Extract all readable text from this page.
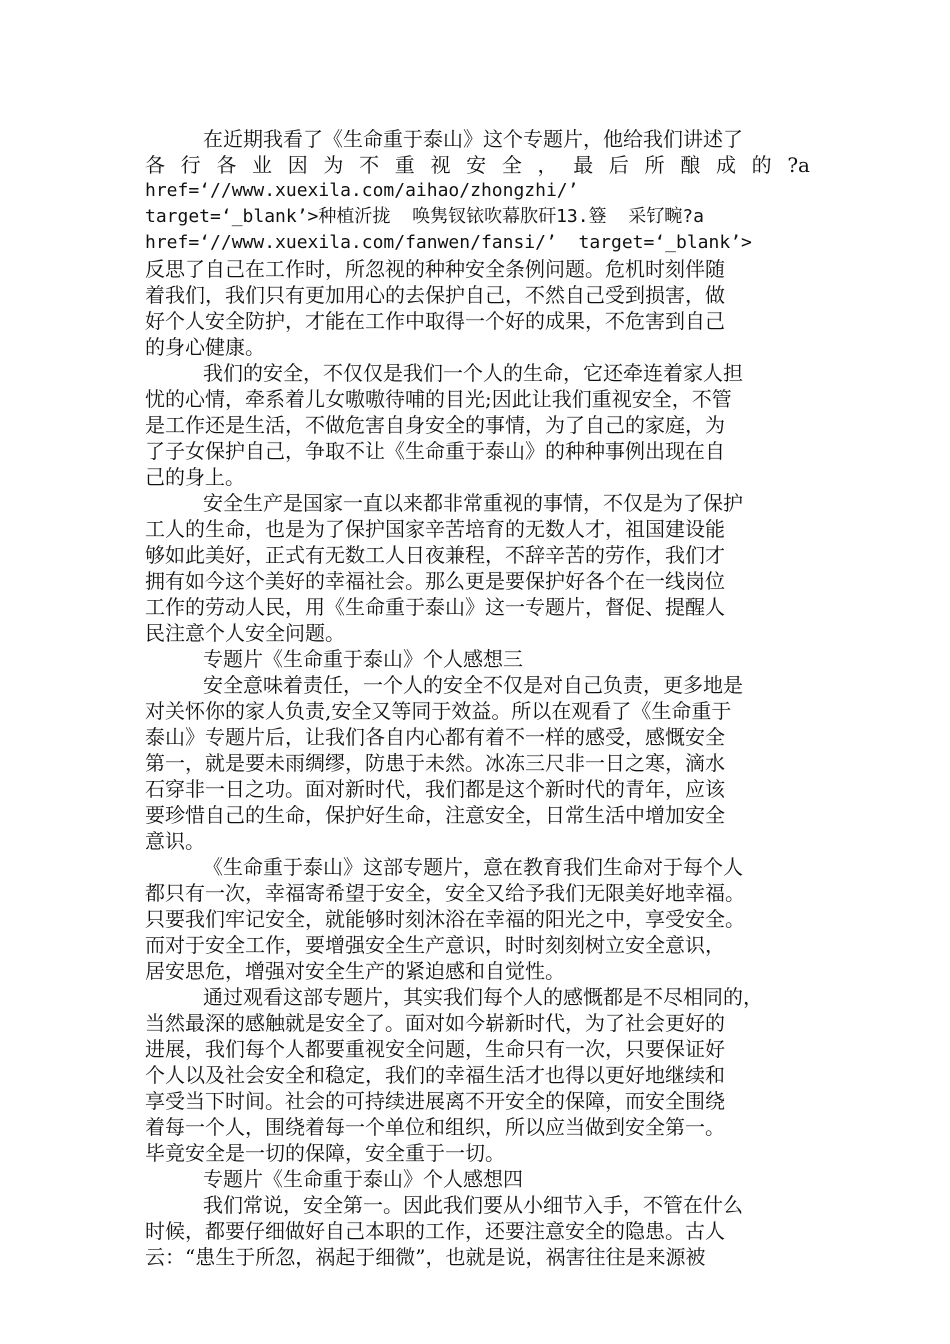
在近期我看了《生命重于泰山》这个专题片，他给我们讲述了
各 行 各 业 因 为 不 重 视 安 全 ， 最 后 所 酿 成 的 ?a
href=‘//www.xuexila.com/aihao/zhongzhi/’
target=‘_blank’>种植沂拢  唤隽钗铱吹幕肷矸13.簦  采钌畹?a
href=‘//www.xuexila.com/fanwen/fansi/’  target=‘_blank’>
反思了自己在工作时，所忽视的种种安全条例问题。危机时刻伴随
着我们，我们只有更加用心的去保护自己，不然自己受到损害，做
好个人安全防护，才能在工作中取得一个好的成果，不危害到自己
的身心健康。
我们的安全，不仅仅是我们一个人的生命，它还牵连着家人担
忧的心情，牵系着儿女嗷嗷待哺的目光;因此让我们重视安全，不管
是工作还是生活，不做危害自身安全的事情，为了自己的家庭，为
了子女保护自己，争取不让《生命重于泰山》的种种事例出现在自
己的身上。
安全生产是国家一直以来都非常重视的事情，不仅是为了保护
工人的生命，也是为了保护国家辛苦培育的无数人才，祖国建设能
够如此美好，正式有无数工人日夜兼程，不辞辛苦的劳作，我们才
拥有如今这个美好的幸福社会。那么更是要保护好各个在一线岗位
工作的劳动人民，用《生命重于泰山》这一专题片，督促、提醒人
民注意个人安全问题。
专题片《生命重于泰山》个人感想三
安全意味着责任，一个人的安全不仅是对自己负责，更多地是
对关怀你的家人负责,安全又等同于效益。所以在观看了《生命重于
泰山》专题片后，让我们各自内心都有着不一样的感受，感慨安全
第一，就是要未雨绸缪，防患于未然。冰冻三尺非一日之寒，滴水
石穿非一日之功。面对新时代，我们都是这个新时代的青年，应该
要珍惜自己的生命，保护好生命，注意安全，日常生活中增加安全
意识。
《生命重于泰山》这部专题片，意在教育我们生命对于每个人
都只有一次，幸福寄希望于安全，安全又给予我们无限美好地幸福。
只要我们牢记安全，就能够时刻沐浴在幸福的阳光之中，享受安全。
而对于安全工作，要增强安全生产意识，时时刻刻树立安全意识，
居安思危，增强对安全生产的紧迫感和自觉性。
通过观看这部专题片，其实我们每个人的感慨都是不尽相同的，
当然最深的感触就是安全了。面对如今崭新时代，为了社会更好的
进展，我们每个人都要重视安全问题，生命只有一次，只要保证好
个人以及社会安全和稳定，我们的幸福生活才也得以更好地继续和
享受当下时间。社会的可持续进展离不开安全的保障，而安全围绕
着每一个人，围绕着每一个单位和组织，所以应当做到安全第一。
毕竟安全是一切的保障，安全重于一切。
专题片《生命重于泰山》个人感想四
我们常说，安全第一。因此我们要从小细节入手，不管在什么
时候，都要仔细做好自己本职的工作，还要注意安全的隐患。古人
云：“患生于所忽，祸起于细微”，也就是说，祸害往往是来源被
